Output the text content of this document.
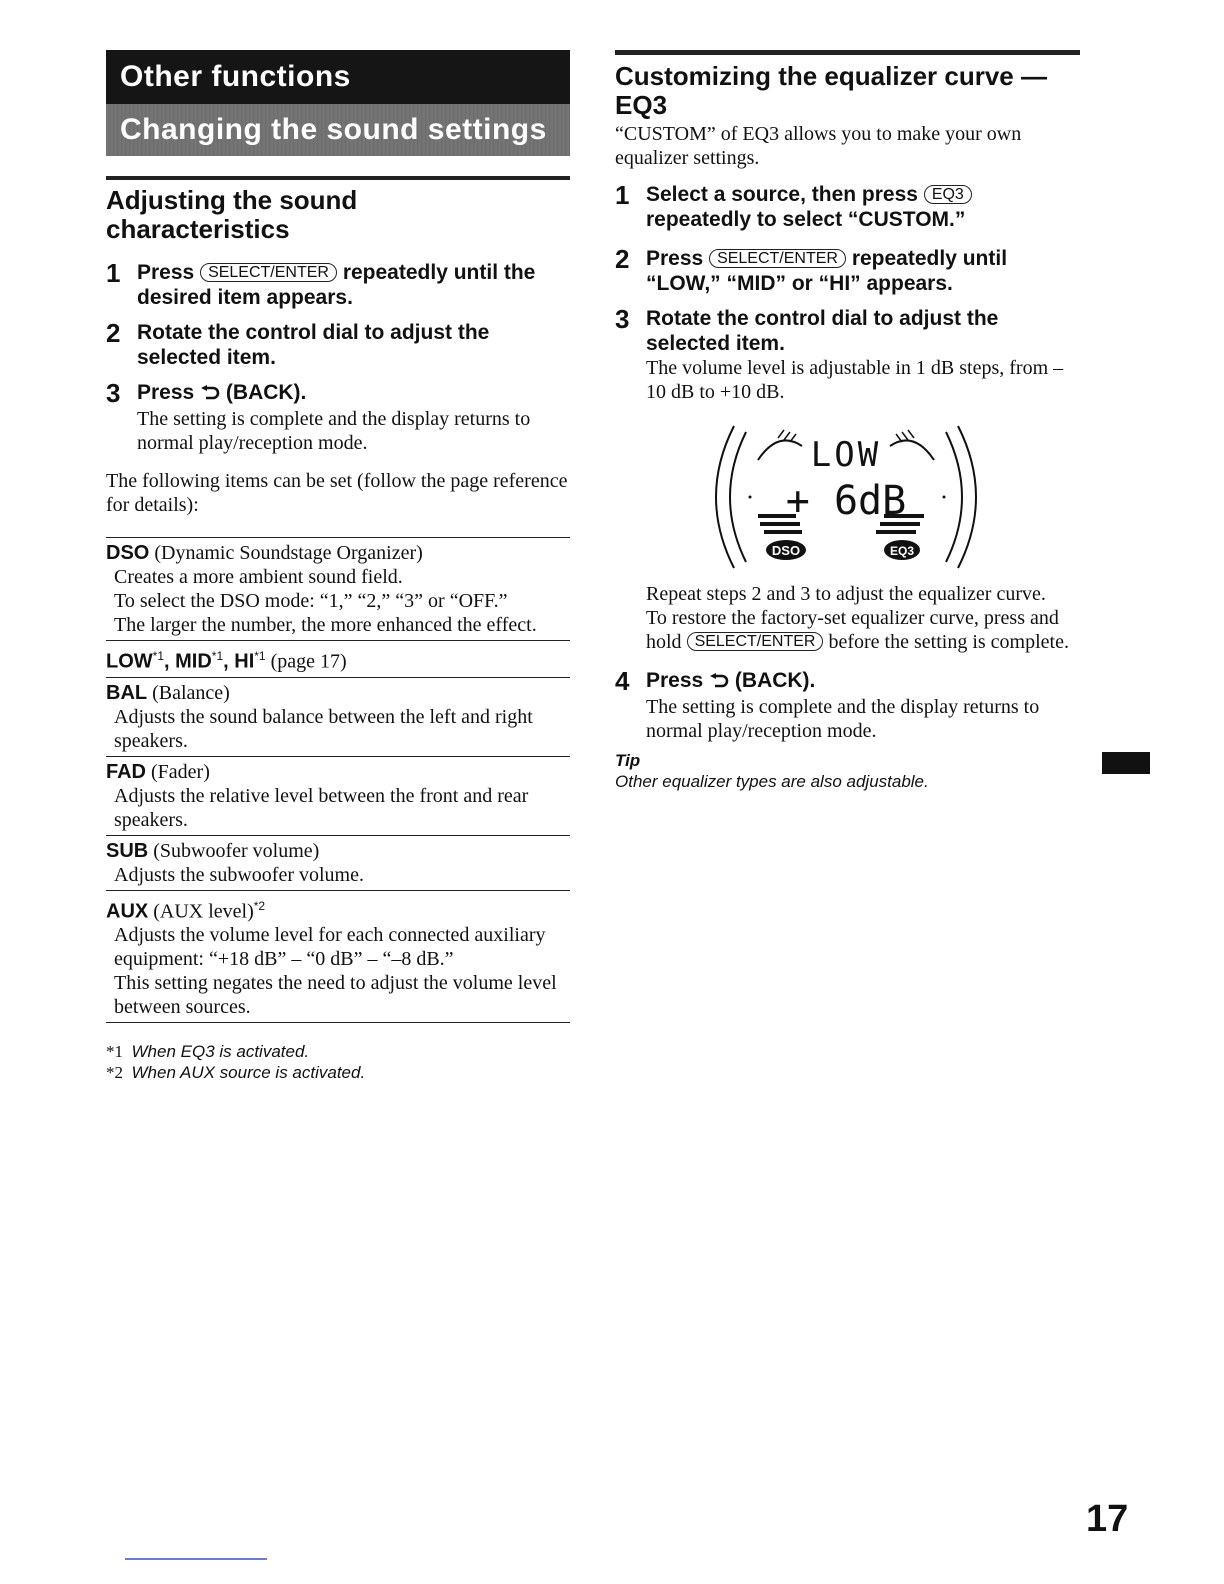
Other functions
Changing the sound settings
Adjusting the sound characteristics
1 Press SELECT/ENTER repeatedly until the desired item appears.
2 Rotate the control dial to adjust the selected item.
3 Press (BACK).
The setting is complete and the display returns to normal play/reception mode.
The following items can be set (follow the page reference for details):
DSO (Dynamic Soundstage Organizer)
Creates a more ambient sound field.
To select the DSO mode: “1,” “2,” “3” or “OFF.”
The larger the number, the more enhanced the effect.
LOW$^{*1}$, MID$^{*1}$, HI$^{*1}$ (page 17)
BAL (Balance)
Adjusts the sound balance between the left and right speakers.
FAD (Fader)
Adjusts the relative level between the front and rear speakers.
SUB (Subwoofer volume)
Adjusts the subwoofer volume.
AUX (AUX level)$^{*2}$
Adjusts the volume level for each connected auxiliary equipment: “+18 dB” – “0 dB” – “–8 dB.”
This setting negates the need to adjust the volume level between sources.
*1 When EQ3 is activated.
*2 When AUX source is activated.
Customizing the equalizer curve — EQ3
“CUSTOM” of EQ3 allows you to make your own equalizer settings.
1 Select a source, then press EQ3 repeatedly to select “CUSTOM.”
2 Press SELECT/ENTER repeatedly until “LOW,” “MID” or “HI” appears.
3 Rotate the control dial to adjust the selected item.
The volume level is adjustable in 1 dB steps, from –10 dB to +10 dB.
LOW
+ 6dB
DSO	EQ3
Repeat steps 2 and 3 to adjust the equalizer curve.
To restore the factory-set equalizer curve, press and hold SELECT/ENTER before the setting is complete.
4 Press (BACK).
The setting is complete and the display returns to normal play/reception mode.
Tip
Other equalizer types are also adjustable.
17
